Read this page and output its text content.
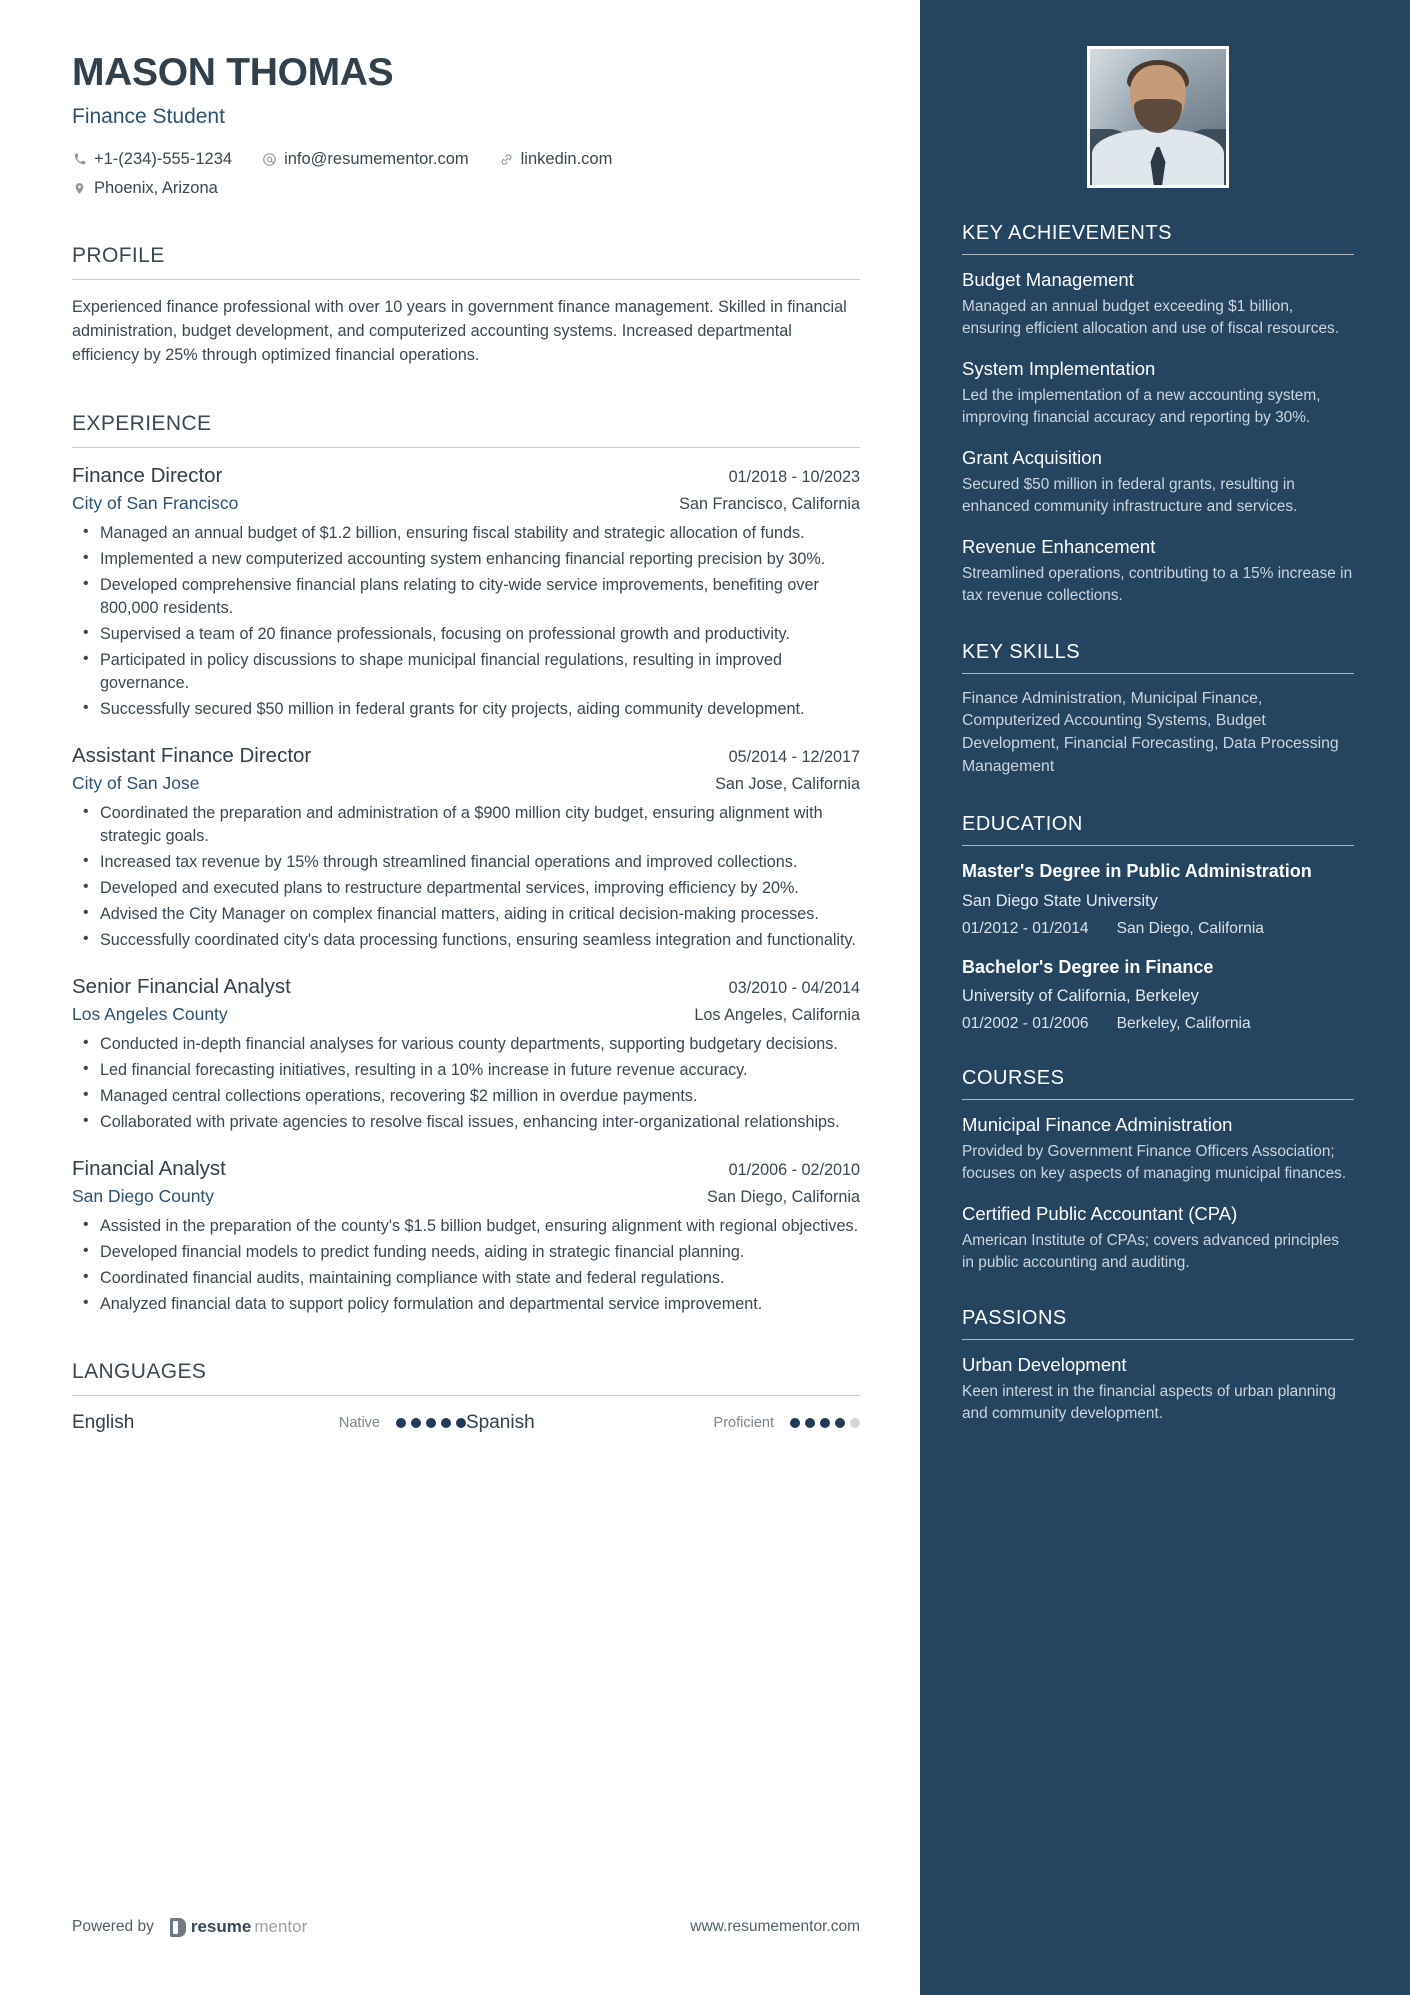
MASON THOMAS
Finance Student
+1-(234)-555-1234	info@resumementor.com	linkedin.com
Phoenix, Arizona
PROFILE
Experienced finance professional with over 10 years in government finance management. Skilled in financial administration, budget development, and computerized accounting systems. Increased departmental efficiency by 25% through optimized financial operations.
EXPERIENCE
Finance Director	01/2018 - 10/2023
City of San Francisco	San Francisco, California
• Managed an annual budget of $1.2 billion, ensuring fiscal stability and strategic allocation of funds.
• Implemented a new computerized accounting system enhancing financial reporting precision by 30%.
• Developed comprehensive financial plans relating to city-wide service improvements, benefiting over 800,000 residents.
• Supervised a team of 20 finance professionals, focusing on professional growth and productivity.
• Participated in policy discussions to shape municipal financial regulations, resulting in improved governance.
• Successfully secured $50 million in federal grants for city projects, aiding community development.
Assistant Finance Director	05/2014 - 12/2017
City of San Jose	San Jose, California
• Coordinated the preparation and administration of a $900 million city budget, ensuring alignment with strategic goals.
• Increased tax revenue by 15% through streamlined financial operations and improved collections.
• Developed and executed plans to restructure departmental services, improving efficiency by 20%.
• Advised the City Manager on complex financial matters, aiding in critical decision-making processes.
• Successfully coordinated city's data processing functions, ensuring seamless integration and functionality.
Senior Financial Analyst	03/2010 - 04/2014
Los Angeles County	Los Angeles, California
• Conducted in-depth financial analyses for various county departments, supporting budgetary decisions.
• Led financial forecasting initiatives, resulting in a 10% increase in future revenue accuracy.
• Managed central collections operations, recovering $2 million in overdue payments.
• Collaborated with private agencies to resolve fiscal issues, enhancing inter-organizational relationships.
Financial Analyst	01/2006 - 02/2010
San Diego County	San Diego, California
• Assisted in the preparation of the county's $1.5 billion budget, ensuring alignment with regional objectives.
• Developed financial models to predict funding needs, aiding in strategic financial planning.
• Coordinated financial audits, maintaining compliance with state and federal regulations.
• Analyzed financial data to support policy formulation and departmental service improvement.
LANGUAGES
English	Native	Spanish	Proficient
Powered by resume mentor	www.resumementor.com
KEY ACHIEVEMENTS
Budget Management
Managed an annual budget exceeding $1 billion, ensuring efficient allocation and use of fiscal resources.
System Implementation
Led the implementation of a new accounting system, improving financial accuracy and reporting by 30%.
Grant Acquisition
Secured $50 million in federal grants, resulting in enhanced community infrastructure and services.
Revenue Enhancement
Streamlined operations, contributing to a 15% increase in tax revenue collections.
KEY SKILLS
Finance Administration, Municipal Finance, Computerized Accounting Systems, Budget Development, Financial Forecasting, Data Processing Management
EDUCATION
Master's Degree in Public Administration
San Diego State University
01/2012 - 01/2014 San Diego, California
Bachelor's Degree in Finance
University of California, Berkeley
01/2002 - 01/2006 Berkeley, California
COURSES
Municipal Finance Administration
Provided by Government Finance Officers Association; focuses on key aspects of managing municipal finances.
Certified Public Accountant (CPA)
American Institute of CPAs; covers advanced principles in public accounting and auditing.
PASSIONS
Urban Development
Keen interest in the financial aspects of urban planning and community development.
